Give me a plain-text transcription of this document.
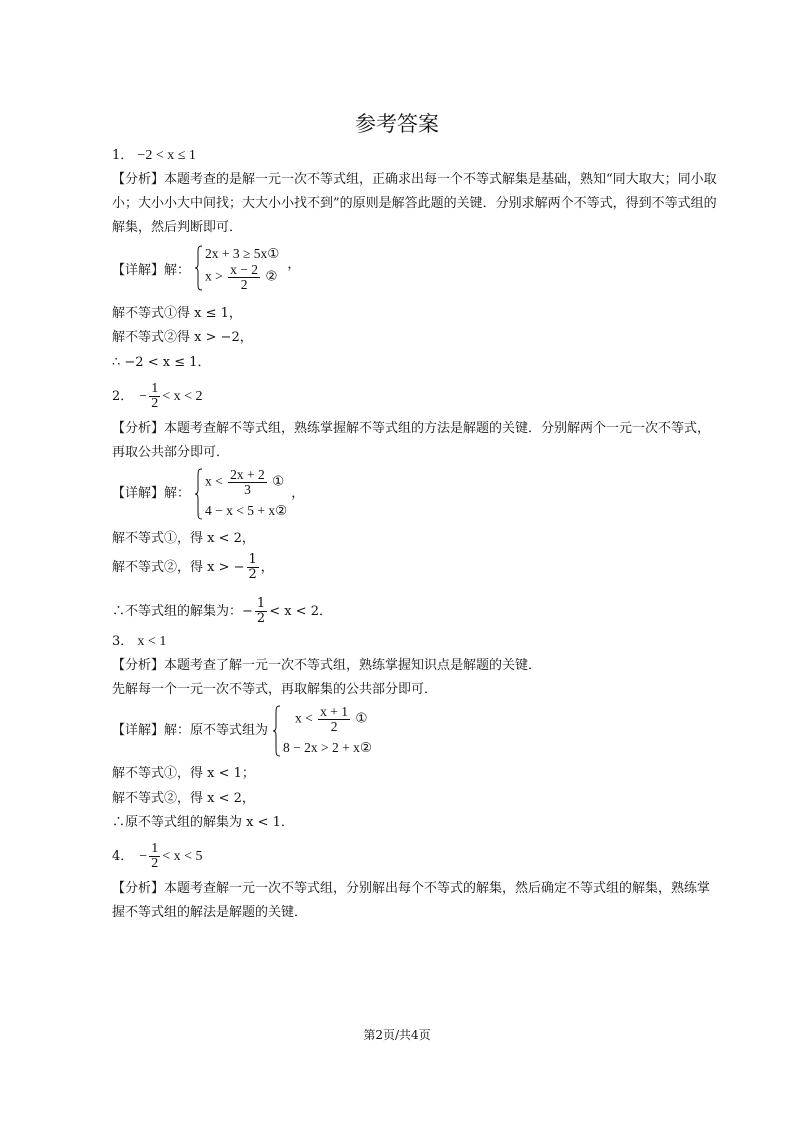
参考答案
1． −2 < x ≤ 1
【分析】本题考查的是解一元一次不等式组，正确求出每一个不等式解集是基础，熟知“同大取大；同小取
小；大小小大中间找；大大小小找不到”的原则是解答此题的关键．分别求解两个不等式，得到不等式组的
解集，然后判断即可．
【详解】解：
2x + 3 ≥ 5x①
$x > \frac{x - 2}{2}$ ②
，
解不等式①得 x ≤ 1，
解不等式②得 x > −2，
∴ −2 < x ≤ 1．
2． − $\frac{1}{2} < x < 2$
【分析】本题考查解不等式组，熟练掌握解不等式组的方法是解题的关键．分别解两个一元一次不等式，
再取公共部分即可．
【详解】解：
$x < \frac{2x + 2}{3}$ ①
4 − x < 5 + x②
，
解不等式①，得 x < 2，
解不等式②，得 x > − $\frac{1}{2}$ ，
∴不等式组的解集为：− $\frac{1}{2} < x < 2$．
3． x < 1
【分析】本题考查了解一元一次不等式组，熟练掌握知识点是解题的关键．
先解每一个一元一次不等式，再取解集的公共部分即可．
【详解】解：原不等式组为
$x < \frac{x + 1}{2}$ ①
8 − 2x > 2 + x②
解不等式①，得 x < 1；
解不等式②，得 x < 2，
∴原不等式组的解集为 x < 1．
4． − $\frac{1}{2} < x < 5$
【分析】本题考查解一元一次不等式组，分别解出每个不等式的解集，然后确定不等式组的解集，熟练掌
握不等式组的解法是解题的关键．
第2页/共4页
